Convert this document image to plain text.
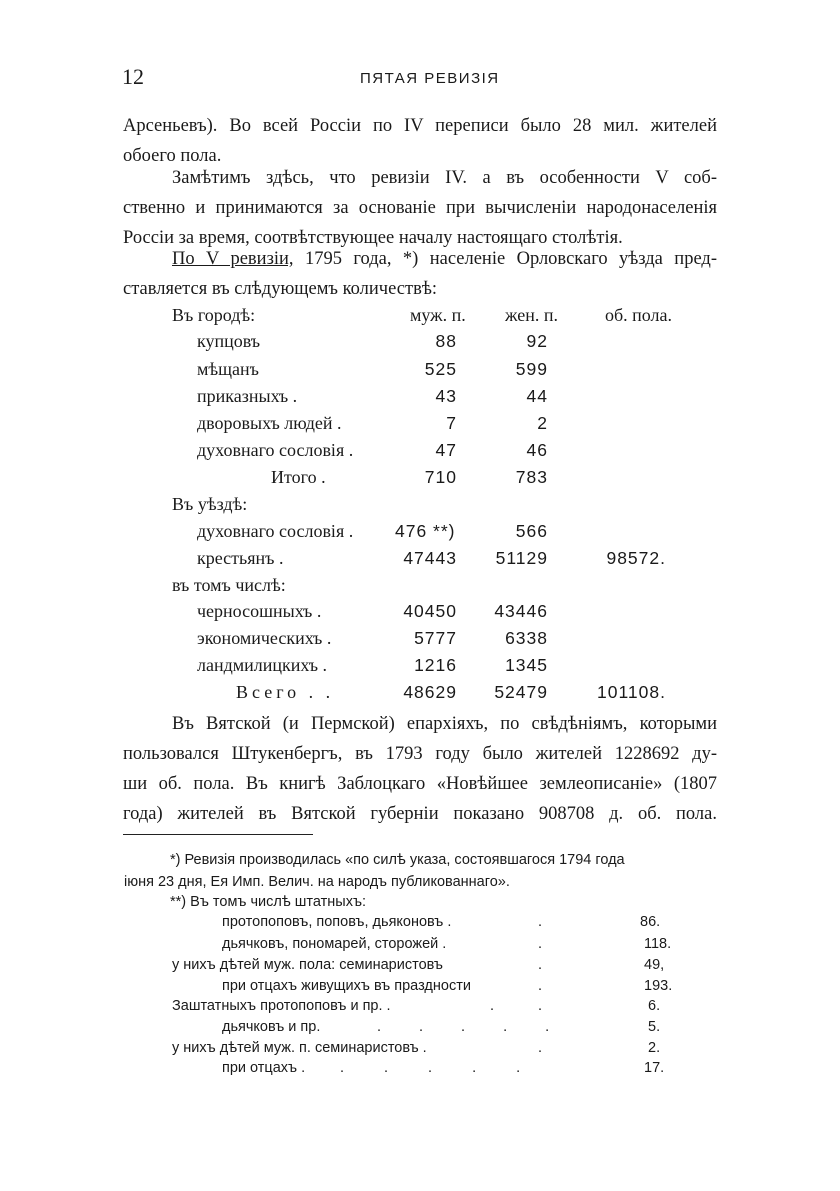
12	ПЯТАЯ РЕВИЗІЯ
Арсеньевъ). Во всей Россіи по IV переписи было 28 мил. жителей
обоего пола.
Замѣтимъ здѣсь, что ревизіи IV. а въ особенности V соб-
ственно и принимаются за основаніе при вычисленіи народонаселенія
Россіи за время, соотвѣтствующее началу настоящаго столѣтія.
По V ревизіи, 1795 года, *) населеніе Орловскаго уѣзда пред-
ставляется въ слѣдующемъ количествѣ:
Въ городѣ:	муж. п. жен. п.	об. пола.
купцовъ	88	92
мѣщанъ	525	599
приказныхъ .	43	44
дворовыхъ людей .	7	2
духовнаго сословія .	47	46
Итого .	710	783
Въ уѣздѣ:
духовнаго сословія . 476 **)	566
крестьянъ .	47443	51129	98572.
въ томъ числѣ:
черносошныхъ .	40450	43446
экономическихъ .	5777	6338
ландмилицкихъ .	1216	1345
Всего . .	48629	52479	101108.
Въ Вятской (и Пермской) епархіяхъ, по свѣдѣніямъ, которыми
пользовался Штукенбергъ, въ 1793 году было жителей 1228692 ду-
ши об. пола. Въ книгѣ Заблоцкаго «Новѣйшее землеописаніе» (1807
года) жителей въ Вятской губерніи показано 908708 д. об. пола.
*) Ревизія производилась «по силѣ указа, состоявшагося 1794 года
іюня 23 дня, Ея Имп. Велич. на народъ публикованнаго».
**) Въ томъ числѣ штатныхъ:
протопоповъ, поповъ, дьяконовъ .	.	86.
дьячковъ, пономарей, сторожей .	.	118.
у нихъ дѣтей муж. пола: семинаристовъ	.	49,
при отцахъ живущихъ въ праздности	.	193.
Заштатныхъ протопоповъ и пр. .	.	.	6.
дьячковъ и пр.	.....	5.
у нихъ дѣтей муж. п. семинаристовъ .	.	2.
при отцахъ . .....	17.
